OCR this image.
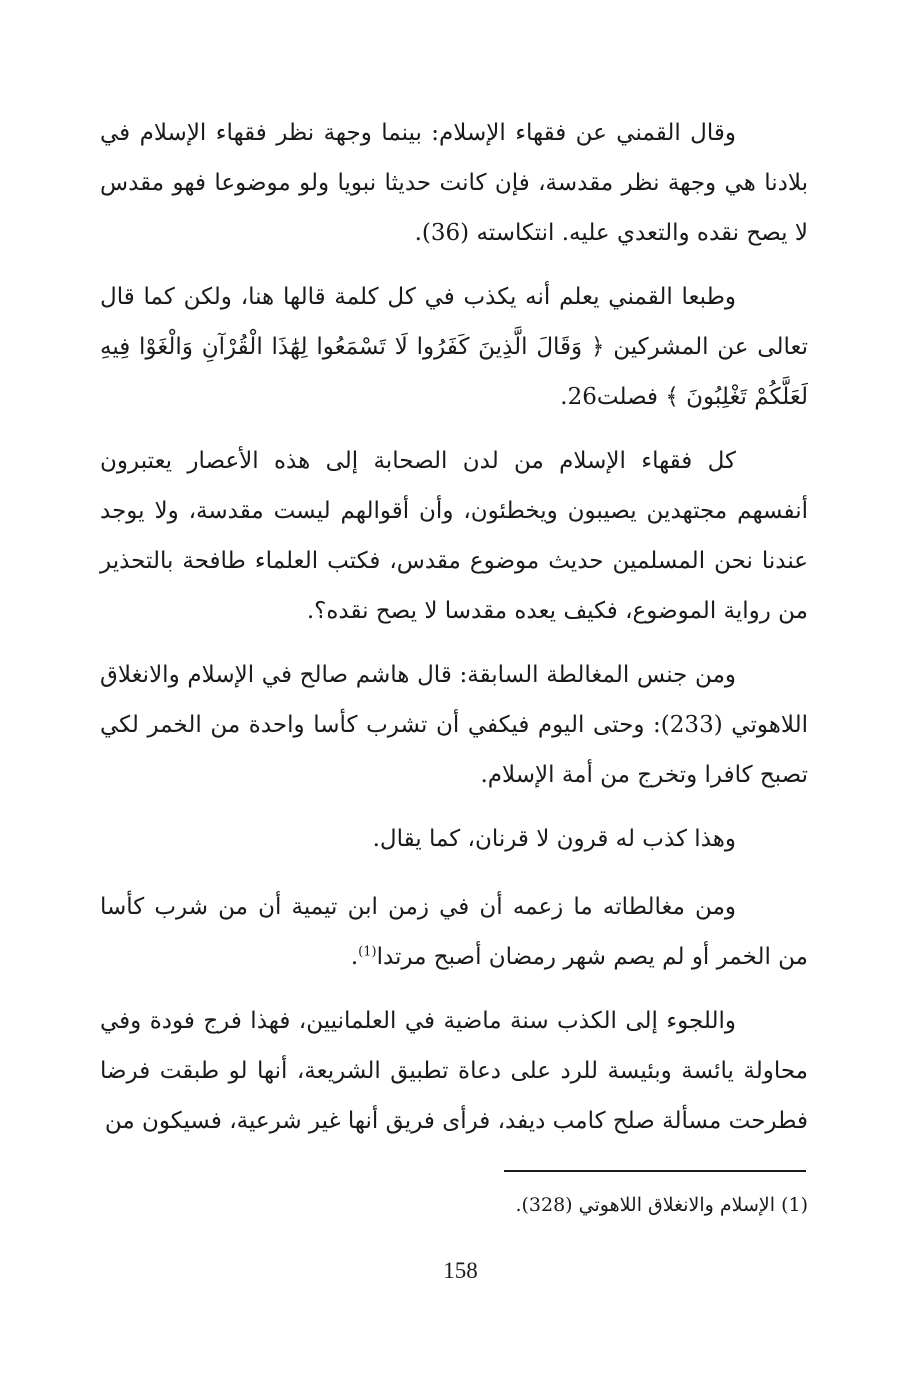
وقال القمني عن فقهاء الإسلام: بينما وجهة نظر فقهاء الإسلام في بلادنا هي وجهة نظر مقدسة، فإن كانت حديثا نبويا ولو موضوعا فهو مقدس لا يصح نقده والتعدي عليه. انتكاسته (36).

وطبعا القمني يعلم أنه يكذب في كل كلمة قالها هنا، ولكن كما قال تعالى عن المشركين ﴿ وَقَالَ الَّذِينَ كَفَرُوا لَا تَسْمَعُوا لِهَٰذَا الْقُرْآنِ وَالْغَوْا فِيهِ لَعَلَّكُمْ تَغْلِبُونَ ﴾ فصلت26.

كل فقهاء الإسلام من لدن الصحابة إلى هذه الأعصار يعتبرون أنفسهم مجتهدين يصيبون ويخطئون، وأن أقوالهم ليست مقدسة، ولا يوجد عندنا نحن المسلمين حديث موضوع مقدس، فكتب العلماء طافحة بالتحذير من رواية الموضوع، فكيف يعده مقدسا لا يصح نقده؟.

ومن جنس المغالطة السابقة: قال هاشم صالح في الإسلام والانغلاق اللاهوتي (233): وحتى اليوم فيكفي أن تشرب كأسا واحدة من الخمر لكي تصبح كافرا وتخرج من أمة الإسلام.

وهذا كذب له قرون لا قرنان، كما يقال.

ومن مغالطاته ما زعمه أن في زمن ابن تيمية أن من شرب كأسا من الخمر أو لم يصم شهر رمضان أصبح مرتدا$^{(1)}$.

واللجوء إلى الكذب سنة ماضية في العلمانيين، فهذا فرج فودة وفي محاولة يائسة وبئيسة للرد على دعاة تطبيق الشريعة، أنها لو طبقت فرضا فطرحت مسألة صلح كامب ديفد، فرأى فريق أنها غير شرعية، فسيكون من

(1) الإسلام والانغلاق اللاهوتي (328).
158
